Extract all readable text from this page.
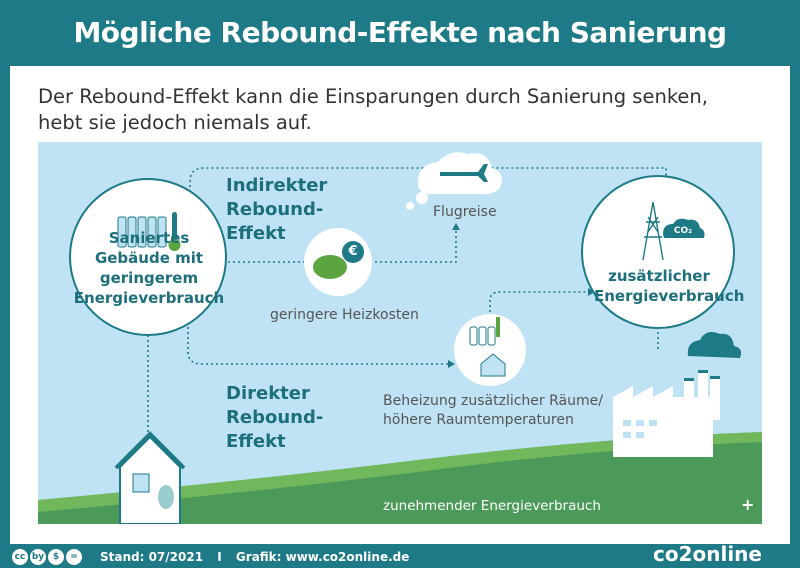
Mögliche Rebound-Effekte nach Sanierung
Der Rebound-Effekt kann die Einsparungen durch Sanierung senken, hebt sie jedoch niemals auf.
Saniertes Gebäude mit geringerem Energieverbrauch
Indirekter Rebound-Effekt
Direkter Rebound-Effekt
Flugreise
geringere Heizkosten
Beheizung zusätzlicher Räume/ höhere Raumtemperaturen
zusätzlicher Energieverbrauch
CO₂
€
zunehmender Energieverbrauch	+
cc by $	=	Stand: 07/2021 I Grafik: www.co2online.de	co2online
